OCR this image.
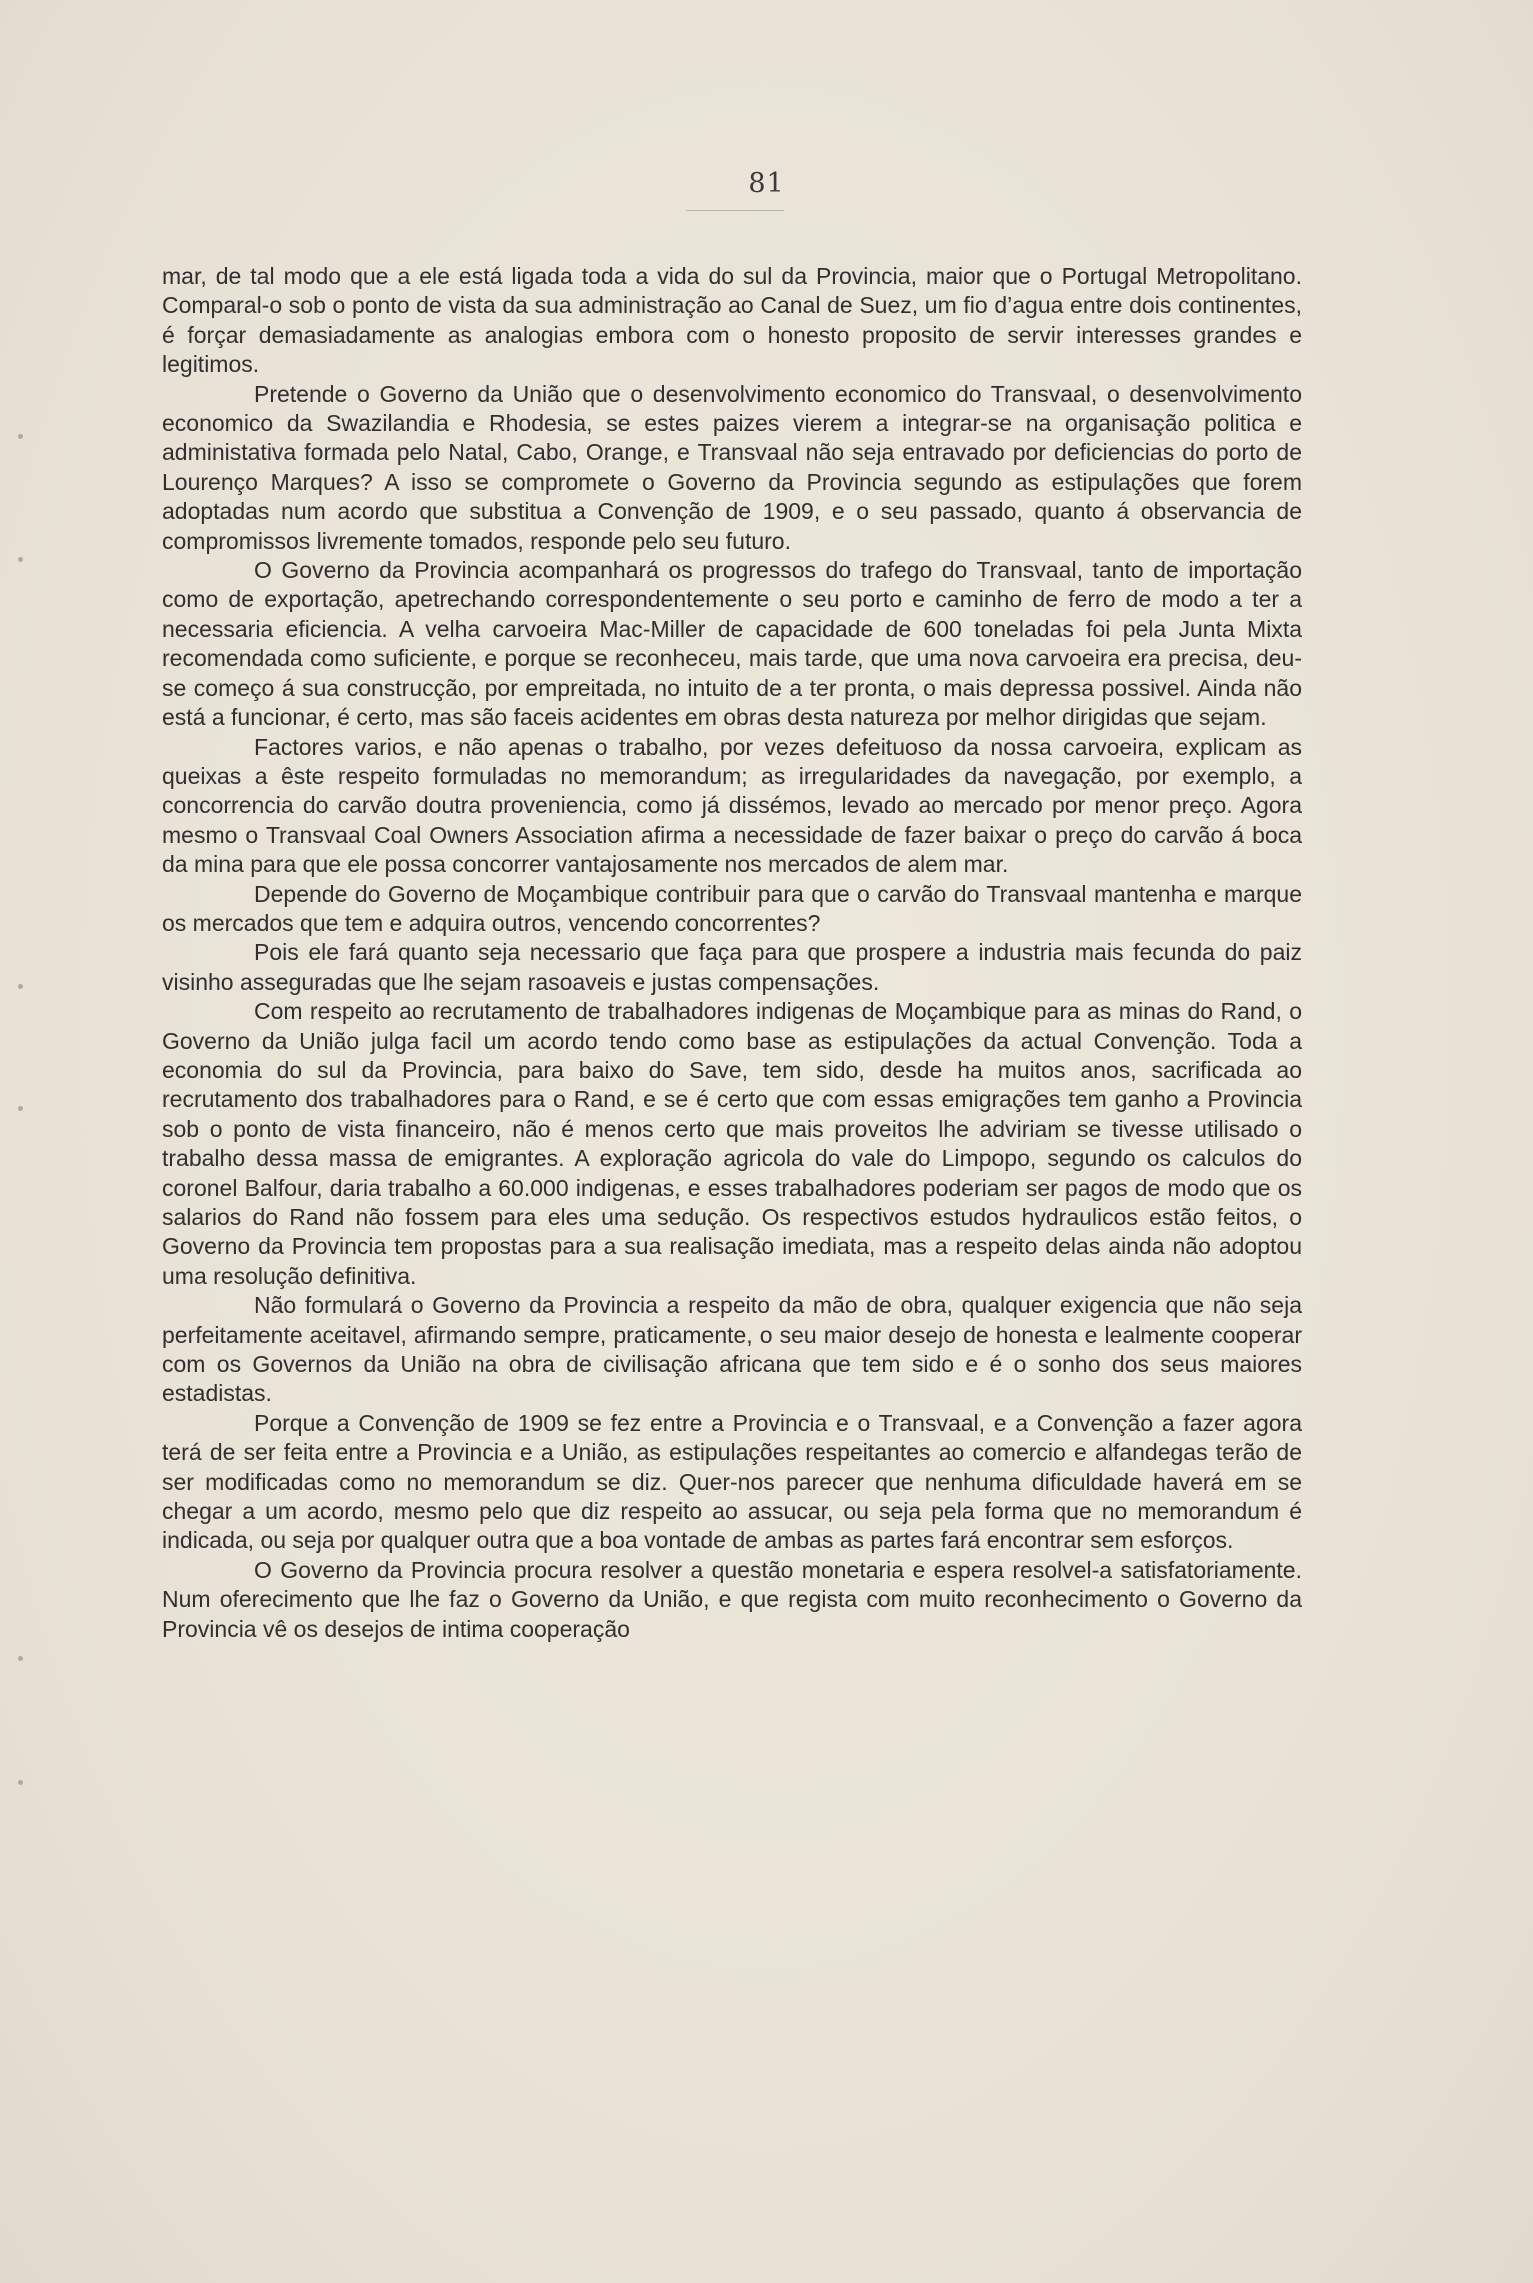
81

mar, de tal modo que a ele está ligada toda a vida do sul da Provincia, maior que o Portugal Metropolitano. Comparal-o sob o ponto de vista da sua administração ao Canal de Suez, um fio d’agua entre dois continentes, é forçar demasiadamente as analogias embora com o honesto proposito de servir interesses grandes e legitimos.

Pretende o Governo da União que o desenvolvimento economico do Transvaal, o desenvolvimento economico da Swazilandia e Rhodesia, se estes paizes vierem a integrar-se na organisação politica e administativa formada pelo Natal, Cabo, Orange, e Transvaal não seja entravado por deficiencias do porto de Lourenço Marques? A isso se compromete o Governo da Provincia segundo as estipulações que forem adoptadas num acordo que substitua a Convenção de 1909, e o seu passado, quanto á observancia de compromissos livremente tomados, responde pelo seu futuro.

O Governo da Provincia acompanhará os progressos do trafego do Transvaal, tanto de importação como de exportação, apetrechando correspondentemente o seu porto e caminho de ferro de modo a ter a necessaria eficiencia. A velha carvoeira Mac-Miller de capacidade de 600 toneladas foi pela Junta Mixta recomendada como suficiente, e porque se reconheceu, mais tarde, que uma nova carvoeira era precisa, deu-se começo á sua construcção, por empreitada, no intuito de a ter pronta, o mais depressa possivel. Ainda não está a funcionar, é certo, mas são faceis acidentes em obras desta natureza por melhor dirigidas que sejam.

Factores varios, e não apenas o trabalho, por vezes defeituoso da nossa carvoeira, explicam as queixas a êste respeito formuladas no memorandum; as irregularidades da navegação, por exemplo, a concorrencia do carvão doutra proveniencia, como já dissémos, levado ao mercado por menor preço. Agora mesmo o Transvaal Coal Owners Association afirma a necessidade de fazer baixar o preço do carvão á boca da mina para que ele possa concorrer vantajosamente nos mercados de alem mar.

Depende do Governo de Moçambique contribuir para que o carvão do Transvaal mantenha e marque os mercados que tem e adquira outros, vencendo concorrentes?

Pois ele fará quanto seja necessario que faça para que prospere a industria mais fecunda do paiz visinho asseguradas que lhe sejam rasoaveis e justas compensações.

Com respeito ao recrutamento de trabalhadores indigenas de Moçambique para as minas do Rand, o Governo da União julga facil um acordo tendo como base as estipulações da actual Convenção. Toda a economia do sul da Provincia, para baixo do Save, tem sido, desde ha muitos anos, sacrificada ao recrutamento dos trabalhadores para o Rand, e se é certo que com essas emigrações tem ganho a Provincia sob o ponto de vista financeiro, não é menos certo que mais proveitos lhe adviriam se tivesse utilisado o trabalho dessa massa de emigrantes. A exploração agricola do vale do Limpopo, segundo os calculos do coronel Balfour, daria trabalho a 60.000 indigenas, e esses trabalhadores poderiam ser pagos de modo que os salarios do Rand não fossem para eles uma sedução. Os respectivos estudos hydraulicos estão feitos, o Governo da Provincia tem propostas para a sua realisação imediata, mas a respeito delas ainda não adoptou uma resolução definitiva.

Não formulará o Governo da Provincia a respeito da mão de obra, qualquer exigencia que não seja perfeitamente aceitavel, afirmando sempre, praticamente, o seu maior desejo de honesta e lealmente cooperar com os Governos da União na obra de civilisação africana que tem sido e é o sonho dos seus maiores estadistas.

Porque a Convenção de 1909 se fez entre a Provincia e o Transvaal, e a Convenção a fazer agora terá de ser feita entre a Provincia e a União, as estipulações respeitantes ao comercio e alfandegas terão de ser modificadas como no memorandum se diz. Quer-nos parecer que nenhuma dificuldade haverá em se chegar a um acordo, mesmo pelo que diz respeito ao assucar, ou seja pela forma que no memorandum é indicada, ou seja por qualquer outra que a boa vontade de ambas as partes fará encontrar sem esforços.

O Governo da Provincia procura resolver a questão monetaria e espera resolvel-a satisfatoriamente. Num oferecimento que lhe faz o Governo da União, e que regista com muito reconhecimento o Governo da Provincia vê os desejos de intima cooperação
